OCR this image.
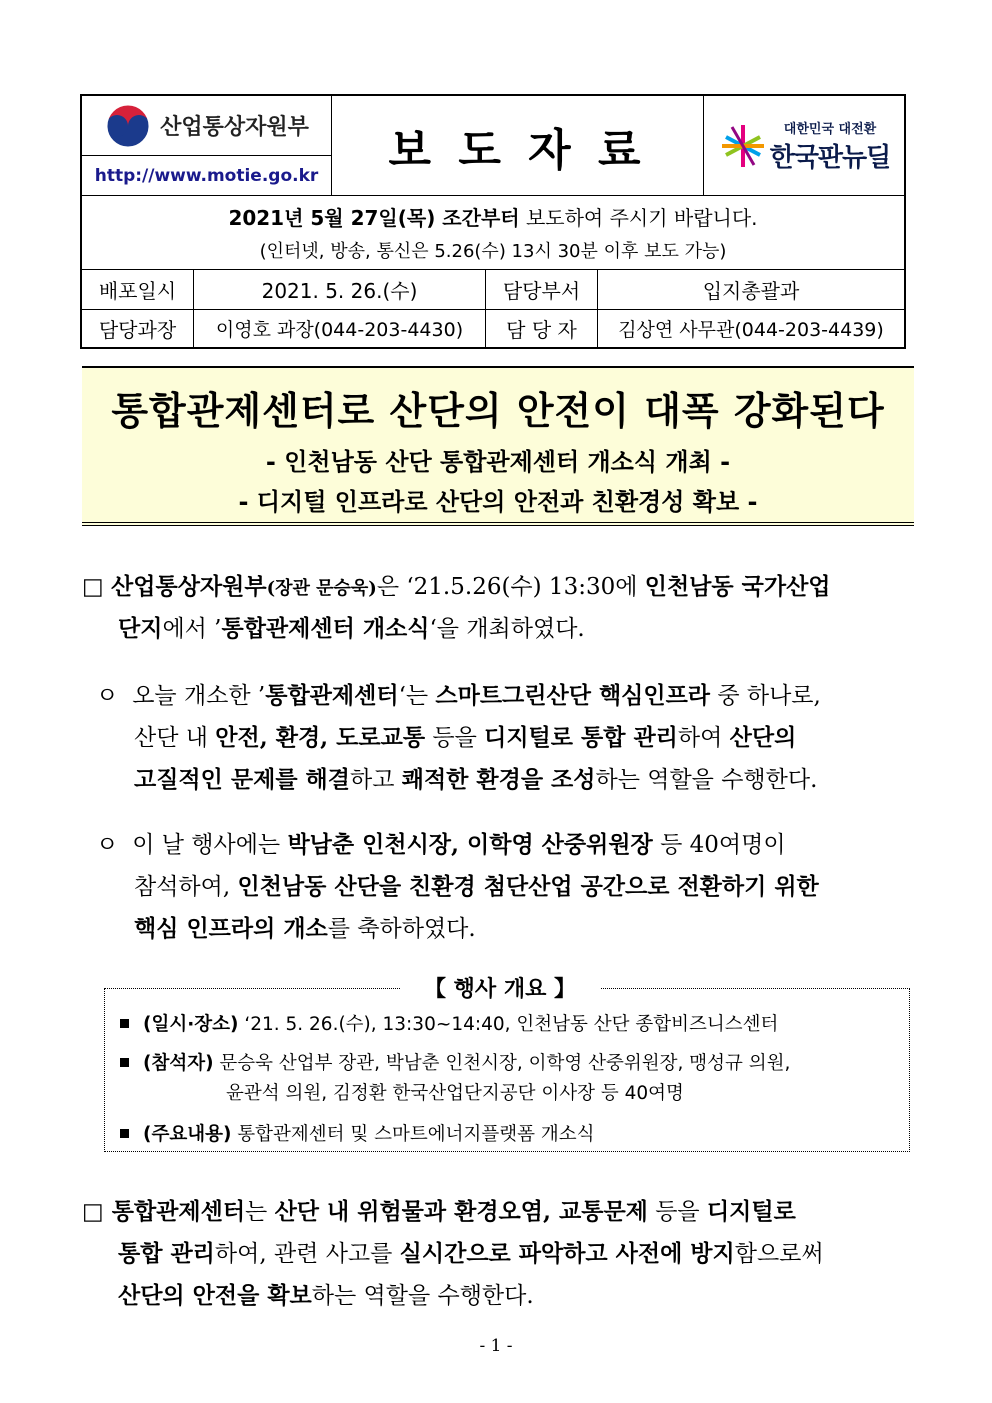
산업통상자원부
http://www.motie.go.kr 보 도 자 료	대한민국 대전환
한국판뉴딜
2021년 5월 27일(목) 조간부터 보도하여 주시기 바랍니다.
(인터넷, 방송, 통신은 5.26(수) 13시 30분 이후 보도 가능)
배포일시	2021. 5. 26.(수)	담당부서	입지총괄과
담당과장	이영호 과장(044-203-4430)	담 당 자	김상연 사무관(044-203-4439)
통합관제센터로 산단의 안전이 대폭 강화된다
- 인천남동 산단 통합관제센터 개소식 개최 -
- 디지털 인프라로 산단의 안전과 친환경성 확보 -
□ 산업통상자원부(장관 문승욱)은 ‘21.5.26(수) 13:30에 인천남동 국가산업
단지에서 ’통합관제센터 개소식‘을 개최하였다.
ㅇ 오늘 개소한 ’통합관제센터‘는 스마트그린산단 핵심인프라 중 하나로,
산단 내 안전, 환경, 도로교통 등을 디지털로 통합 관리하여 산단의
고질적인 문제를 해결하고 쾌적한 환경을 조성하는 역할을 수행한다.
ㅇ 이 날 행사에는 박남춘 인천시장, 이학영 산중위원장 등 40여명이
참석하여, 인천남동 산단을 친환경 첨단산업 공간으로 전환하기 위한
핵심 인프라의 개소를 축하하였다.
【 행사 개요 】
(일시·장소) ‘21. 5. 26.(수), 13:30~14:40, 인천남동 산단 종합비즈니스센터
(참석자) 문승욱 산업부 장관, 박남춘 인천시장, 이학영 산중위원장, 맹성규 의원,
윤관석 의원, 김정환 한국산업단지공단 이사장 등 40여명
(주요내용) 통합관제센터 및 스마트에너지플랫폼 개소식
□ 통합관제센터는 산단 내 위험물과 환경오염, 교통문제 등을 디지털로
통합 관리하여, 관련 사고를 실시간으로 파악하고 사전에 방지함으로써
산단의 안전을 확보하는 역할을 수행한다.
- 1 -
